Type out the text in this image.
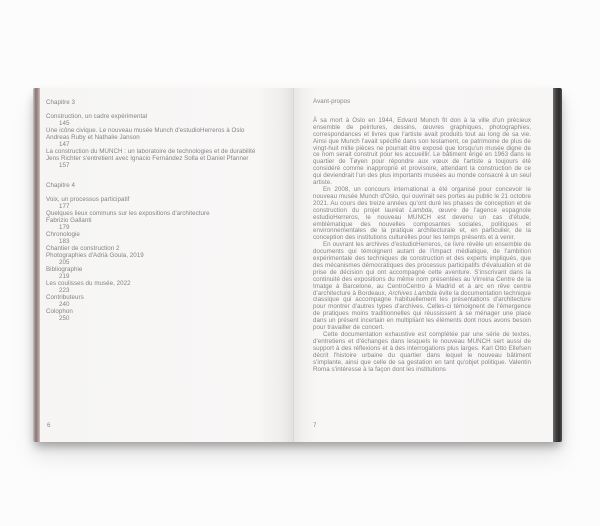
Chapitre 3
Construction, un cadre expérimental
145
Une icône civique. Le nouveau musée Munch d'estudioHerreros à Oslo
Andreas Ruby et Nathalie Janson
147
La construction du MUNCH : un laboratoire de technologies et de durabilité
Jens Richter s'entretient avec Ignacio Fernández Solla et Daniel Pfanner
157
Chapitre 4
Voix, un processus participatif
177
Quelques lieux communs sur les expositions d'architecture
Fabrizio Gallanti
179
Chronologie
183
Chantier de construction 2
Photographies d'Adrià Goula, 2019
205
Bibliographie
219
Les coulisses du musée, 2022
223
Contributeurs
240
Colophon
250
6
Avant-propos

À sa mort à Oslo en 1944, Edvard Munch fit don à la ville d'un précieux ensemble de peintures, dessins, œuvres graphiques, photographies, correspondances et livres que l'artiste avait produits tout au long de sa vie. Ainsi que Munch l'avait spécifié dans son testament, ce patrimoine de plus de vingt-huit mille pièces ne pourrait être exposé que lorsqu'un musée digne de ce nom serait construit pour les accueillir. Le bâtiment érigé en 1963 dans le quartier de Tøyen pour répondre aux vœux de l'artiste a toujours été considéré comme inapproprié et provisoire, attendant la construction de ce qui deviendrait l'un des plus importants musées au monde consacré à un seul artiste.

En 2008, un concours international a été organisé pour concevoir le nouveau musée Munch d'Oslo, qui ouvrirait ses portes au public le 21 octobre 2021. Au cours des treize années qu'ont duré les phases de conception et de construction du projet lauréat Lambda, œuvre de l'agence espagnole estudioHerreros, le nouveau MUNCH est devenu un cas d'étude, emblématique des nouvelles composantes sociales, politiques et environnementales de la pratique architecturale et, en particulier, de la conception des institutions culturelles pour les temps présents et à venir.

En ouvrant les archives d'estudioHerreros, ce livre révèle un ensemble de documents qui témoignent autant de l'impact médiatique, de l'ambition expérimentale des techniques de construction et des experts impliqués, que des mécanismes démocratiques des processus participatifs d'évaluation et de prise de décision qui ont accompagné cette aventure. S'inscrivant dans la continuité des expositions du même nom présentées au Virreina Centre de la Imatge à Barcelone, au CentroCentro à Madrid et à arc en rêve centre d'architecture à Bordeaux, Archives Lambda évite la documentation technique classique qui accompagne habituellement les présentations d'architecture pour montrer d'autres types d'archives. Celles-ci témoignent de l'émergence de pratiques moins traditionnelles qui réussissent à se ménager une place dans un présent incertain en multipliant les éléments dont nous avons besoin pour travailler de concert.

Cette documentation exhaustive est complétée par une série de textes, d'entretiens et d'échanges dans lesquels le nouveau MUNCH sert aussi de support à des réflexions et à des interrogations plus larges. Karl Otto Ellefsen décrit l'histoire urbaine du quartier dans lequel le nouveau bâtiment s'implante, ainsi que celle de sa gestation en tant qu'objet politique. Valentin Roma s'intéresse à la façon dont les institutions

7
